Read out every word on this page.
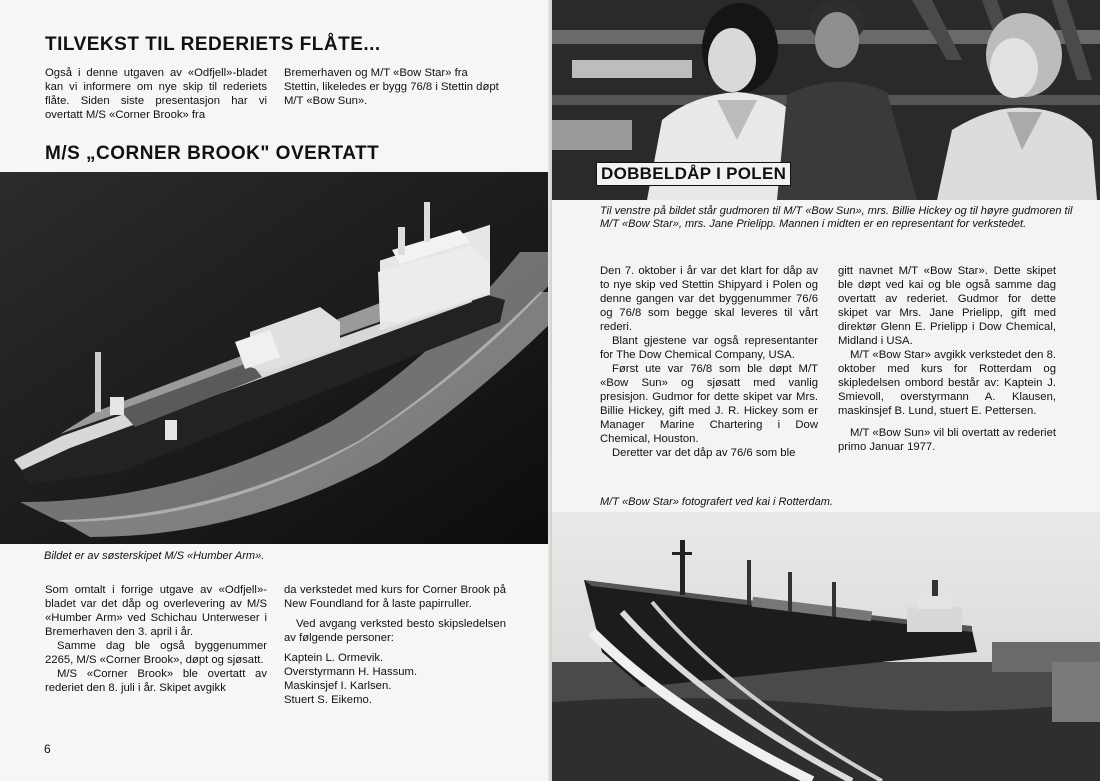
TILVEKST TIL REDERIETS FLÅTE...

Også i denne utgaven av «Odfjell»-bladet kan vi informere om nye skip til rederiets flåte. Siden siste presentasjon har vi overtatt M/S «Corner Brook» fra

Bremerhaven og M/T «Bow Star» fra Stettin, likeledes er bygg 76/8 i Stettin døpt M/T «Bow Sun».

M/S „CORNER BROOK" OVERTATT
Bildet er av søsterskipet M/S «Humber Arm».

Som omtalt i forrige utgave av «Odfjell»-bladet var det dåp og overlevering av M/S «Humber Arm» ved Schichau Unterweser i Bremerhaven den 3. april i år.

Samme dag ble også byggenummer 2265, M/S «Corner Brook», døpt og sjøsatt.

M/S «Corner Brook» ble overtatt av rederiet den 8. juli i år. Skipet avgikk

da verkstedet med kurs for Corner Brook på New Foundland for å laste papirruller.

Ved avgang verksted besto skipsledelsen av følgende personer:

Kaptein L. Ormevik.
Overstyrmann H. Hassum.
Maskinsjef I. Karlsen.
Stuert S. Eikemo.
6
DOBBELDÅP I POLEN
Til venstre på bildet står gudmoren til M/T «Bow Sun», mrs. Billie Hickey og til høyre gudmoren til M/T «Bow Star», mrs. Jane Prielipp. Mannen i midten er en representant for verkstedet.

Den 7. oktober i år var det klart for dåp av to nye skip ved Stettin Shipyard i Polen og denne gangen var det byggenummer 76/6 og 76/8 som begge skal leveres til vårt rederi.

Blant gjestene var også representanter for The Dow Chemical Company, USA.

Først ute var 76/8 som ble døpt M/T «Bow Sun» og sjøsatt med vanlig presisjon. Gudmor for dette skipet var Mrs. Billie Hickey, gift med J. R. Hickey som er Manager Marine Chartering i Dow Chemical, Houston.

Deretter var det dåp av 76/6 som ble

gitt navnet M/T «Bow Star». Dette skipet ble døpt ved kai og ble også samme dag overtatt av rederiet. Gudmor for dette skipet var Mrs. Jane Prielipp, gift med direktør Glenn E. Prielipp i Dow Chemical, Midland i USA.

M/T «Bow Star» avgikk verkstedet den 8. oktober med kurs for Rotterdam og skipledelsen ombord består av: Kaptein J. Smievoll, overstyrmann A. Klausen, maskinsjef B. Lund, stuert E. Pettersen.

M/T «Bow Sun» vil bli overtatt av rederiet primo Januar 1977.

M/T «Bow Star» fotografert ved kai i Rotterdam.
